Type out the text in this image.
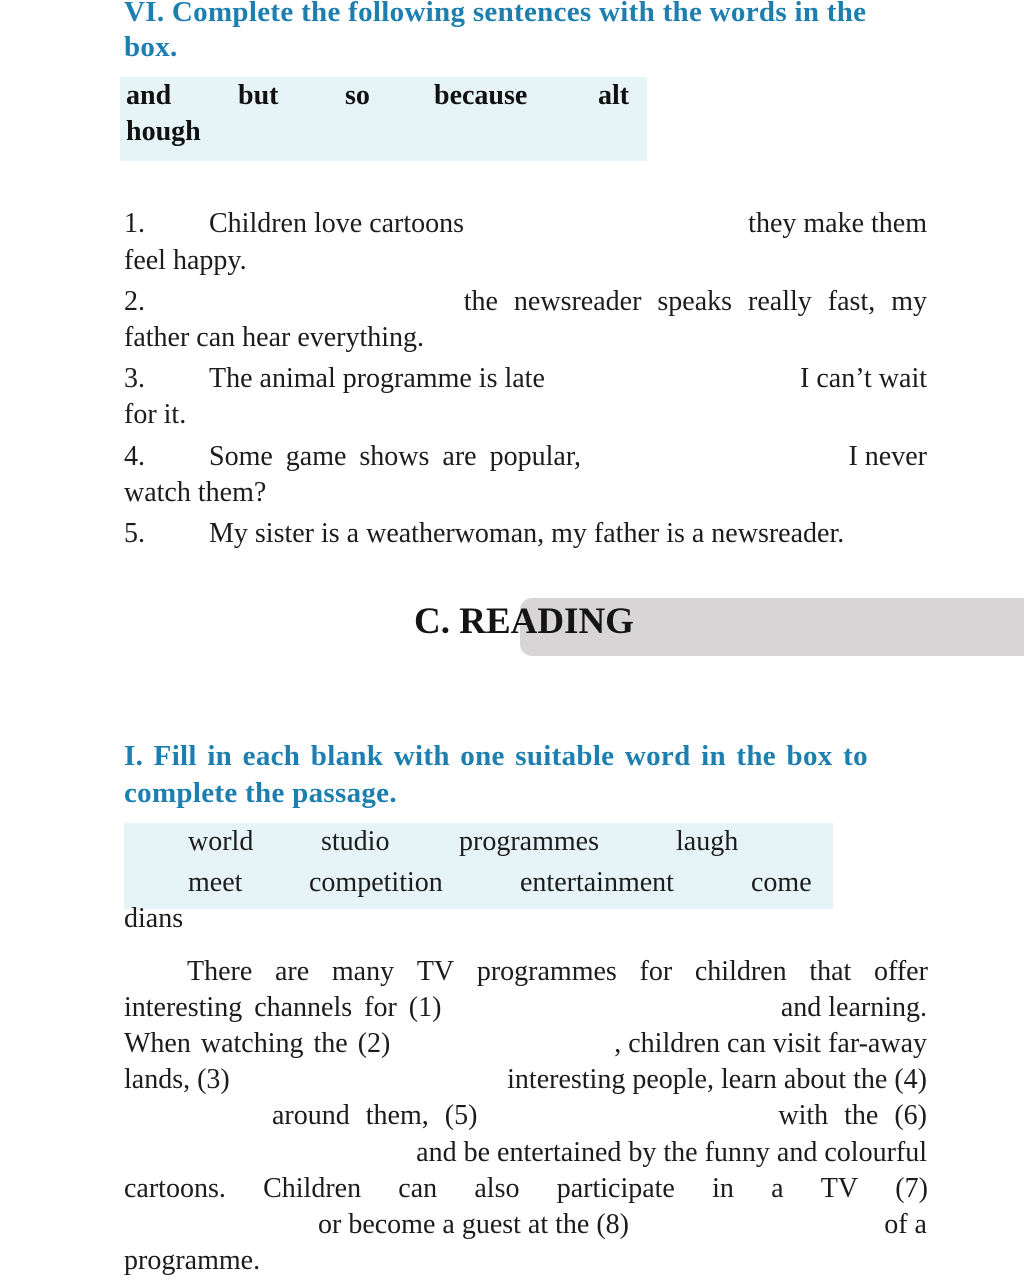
VI. Complete the following sentences with the words in the
box.
and but so because	alt
hough
1. Children love cartoons	they make them
feel happy.
2.	the newsreader speaks really fast, my
father can hear everything.
3. The animal programme is late	I can’t wait
for it.
4. Some game shows are popular,	I never
watch them?
5. My sister is a weatherwoman, my father is a newsreader.
C. READING
I. Fill in each blank with one suitable word in the box to
complete the passage.
world studio programmes	laugh
meet competition	entertainment	come
dians
There are many TV programmes for children that offer
interesting channels for (1)	and learning.
When watching the (2)	, children can visit far-away
lands, (3)	interesting people, learn about the (4)
around them, (5)	with the (6)
and be entertained by the funny and colourful
cartoons. Children can also participate in a TV (7)
or become a guest at the (8)	of a
programme.
